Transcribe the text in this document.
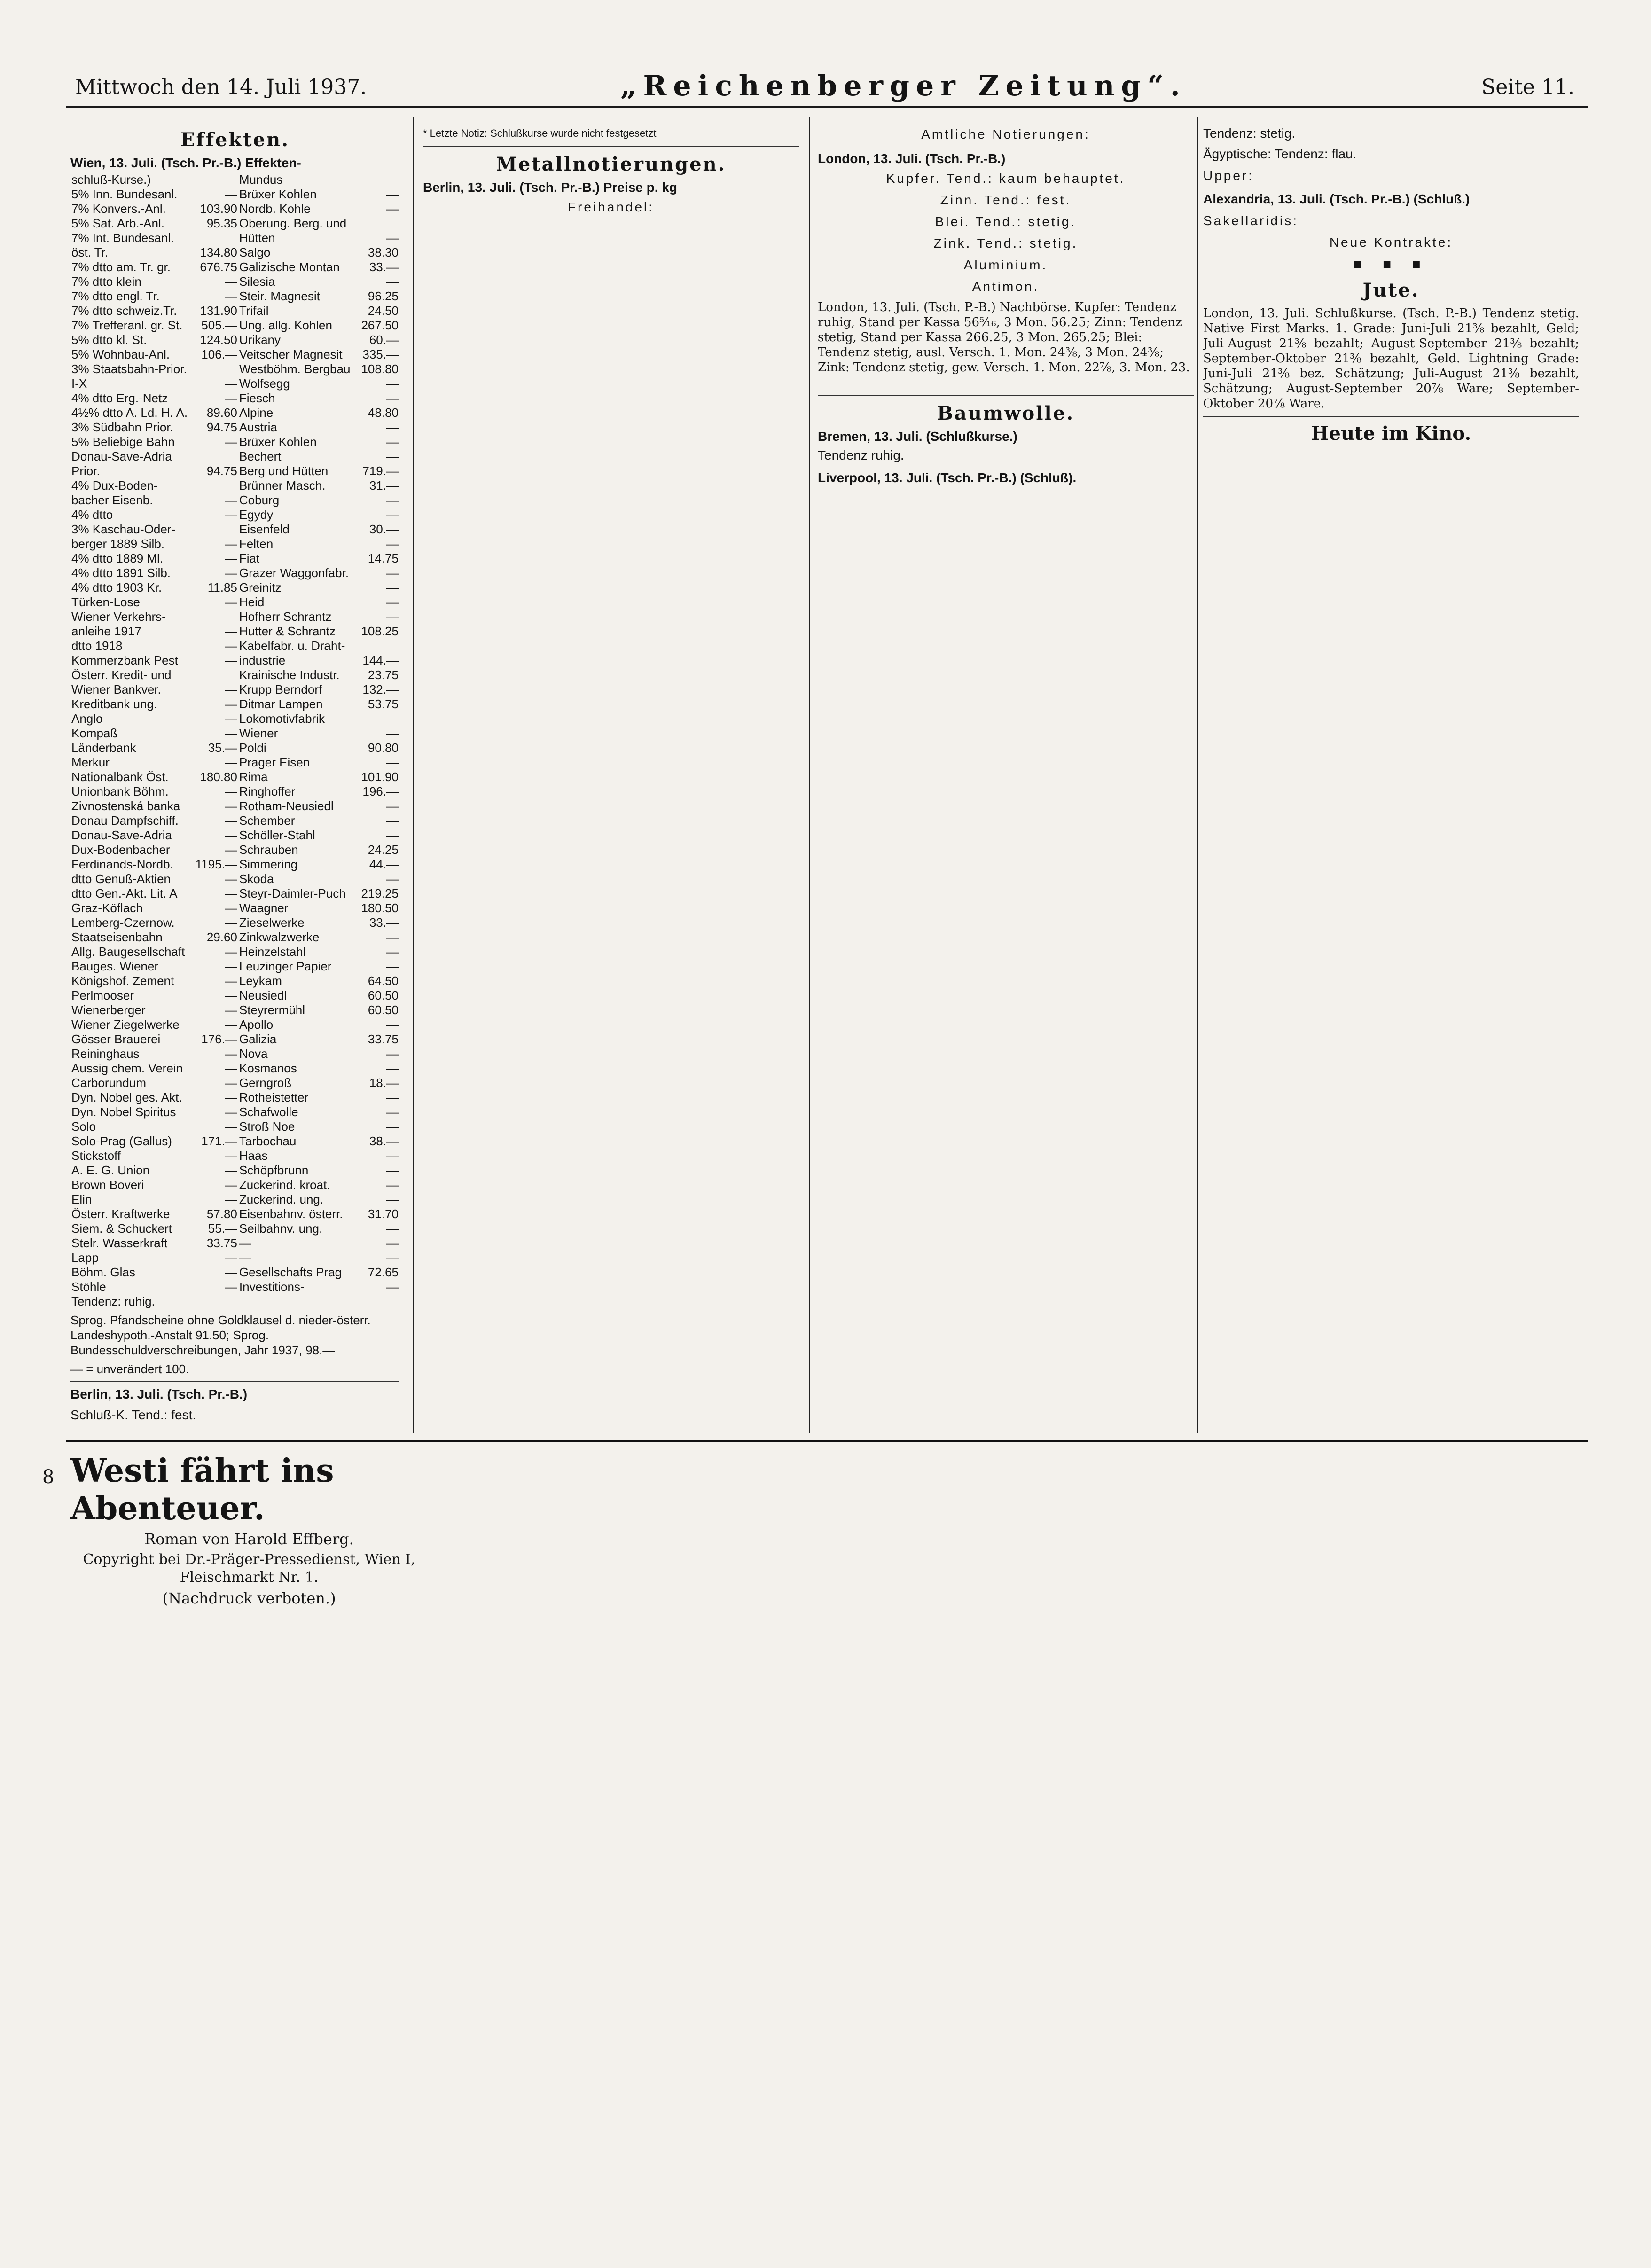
Mittwoch den 14. Juli 1937.	„Reichenberger Zeitung“.	Seite 11.
Effekten.
Wien, 13. Juli. (Tsch. Pr.-B.) Effekten-
schluß-Kurse.)		Mundus	
5% Inn. Bundesanl.	—	Brüxer Kohlen	—
7% Konvers.-Anl.	103.90	Nordb. Kohle	—
5% Sat. Arb.-Anl.	95.35	Oberung. Berg. und	
7% Int. Bundesanl.		Hütten	—
öst. Tr.	134.80	Salgo	38.30
7% dtto am. Tr. gr.	676.75	Galizische Montan	33.—
7% dtto klein	—	Silesia	—
7% dtto engl. Tr.	—	Steir. Magnesit	96.25
7% dtto schweiz.Tr.	131.90	Trifail	24.50
7% Trefferanl. gr. St.	505.—	Ung. allg. Kohlen	267.50
5% dtto kl. St.	124.50	Urikany	60.—
5% Wohnbau-Anl.	106.—	Veitscher Magnesit	335.—
3% Staatsbahn-Prior.		Westböhm. Bergbau	108.80
I-X	—	Wolfsegg	—
4% dtto Erg.-Netz	—	Fiesch	—
4½% dtto A. Ld. H. A.	89.60	Alpine	48.80
3% Südbahn Prior.	94.75	Austria	—
5% Beliebige Bahn	—	Brüxer Kohlen	—
Donau-Save-Adria		Bechert	—
Prior.	94.75	Berg und Hütten	719.—
4% Dux-Boden-		Brünner Masch.	31.—
bacher Eisenb.	—	Coburg	—
4% dtto	—	Egydy	—
3% Kaschau-Oder-		Eisenfeld	30.—
berger 1889 Silb.	—	Felten	—
4% dtto 1889 Ml.	—	Fiat	14.75
4% dtto 1891 Silb.	—	Grazer Waggonfabr.	—
4% dtto 1903 Kr.	11.85	Greinitz	—
Türken-Lose	—	Heid	—
Wiener Verkehrs-		Hofherr Schrantz	—
anleihe 1917	—	Hutter & Schrantz	108.25
dtto 1918	—	Kabelfabr. u. Draht-	
Kommerzbank Pest	—	industrie	144.—
Österr. Kredit- und		Krainische Industr.	23.75
Wiener Bankver.	—	Krupp Berndorf	132.—
Kreditbank ung.	—	Ditmar Lampen	53.75
Anglo	—	Lokomotivfabrik	
Kompaß	—	Wiener	—
Länderbank	35.—	Poldi	90.80
Merkur	—	Prager Eisen	—
Nationalbank Öst.	180.80	Rima	101.90
Unionbank Böhm.	—	Ringhoffer	196.—
Zivnostenská banka	—	Rotham-Neusiedl	—
Donau Dampfschiff.	—	Schember	—
Donau-Save-Adria	—	Schöller-Stahl	—
Dux-Bodenbacher	—	Schrauben	24.25
Ferdinands-Nordb.	1195.—	Simmering	44.—
dtto Genuß-Aktien	—	Skoda	—
dtto Gen.-Akt. Lit. A	—	Steyr-Daimler-Puch	219.25
Graz-Köflach	—	Waagner	180.50
Lemberg-Czernow.	—	Zieselwerke	33.—
Staatseisenbahn	29.60	Zinkwalzwerke	—
Allg. Baugesellschaft	—	Heinzelstahl	—
Bauges. Wiener	—	Leuzinger Papier	—
Königshof. Zement	—	Leykam	64.50
Perlmooser	—	Neusiedl	60.50
Wienerberger	—	Steyrermühl	60.50
Wiener Ziegelwerke	—	Apollo	—
Gösser Brauerei	176.—	Galizia	33.75
Reininghaus	—	Nova	—
Aussig chem. Verein	—	Kosmanos	—
Carborundum	—	Gerngroß	18.—
Dyn. Nobel ges. Akt.	—	Rotheistetter	—
Dyn. Nobel Spiritus	—	Schafwolle	—
Solo	—	Stroß Noe	—
Solo-Prag (Gallus)	171.—	Tarbochau	38.—
Stickstoff	—	Haas	—
A. E. G. Union	—	Schöpfbrunn	—
Brown Boveri	—	Zuckerind. kroat.	—
Elin	—	Zuckerind. ung.	—
Österr. Kraftwerke	57.80	Eisenbahnv. österr.	31.70
Siem. & Schuckert	55.—	Seilbahnv. ung.	—
Stelr. Wasserkraft	33.75	—	—
Lapp	—	—	—
Böhm. Glas	—	Gesellschafts Prag	72.65
Stöhle	—	Investitions-	—
Tendenz: ruhig.			
Sprog. Pfandscheine ohne Goldklausel d. nieder-österr. Landeshypoth.-Anstalt 91.50; Sprog. Bundesschuldverschreibungen, Jahr 1937, 98.—
— = unverändert 100.
Berlin, 13. Juli. (Tsch. Pr.-B.)
Schluß-K. Tend.: fest.
* Letzte Notiz: Schlußkurse wurde nicht festgesetzt
Metallnotierungen.
Berlin, 13. Juli. (Tsch. Pr.-B.) Preise p. kg
Freihandel:
Amtliche Notierungen:
London, 13. Juli. (Tsch. Pr.-B.)
Kupfer. Tend.: kaum behauptet.
Zinn. Tend.: fest.
Blei. Tend.: stetig.
Zink. Tend.: stetig.
Aluminium.
Antimon.
London, 13. Juli. (Tsch. P.-B.) Nachbörse. Kupfer: Tendenz ruhig, Stand per Kassa 56⁵⁄₁₆, 3 Mon. 56.25; Zinn: Tendenz stetig, Stand per Kassa 266.25, 3 Mon. 265.25; Blei: Tendenz stetig, ausl. Versch. 1. Mon. 24⅜, 3 Mon. 24⅜; Zink: Tendenz stetig, gew. Versch. 1. Mon. 22⅞, 3. Mon. 23.—
Baumwolle.
Bremen, 13. Juli. (Schlußkurse.)
Tendenz ruhig.
Liverpool, 13. Juli. (Tsch. Pr.-B.) (Schluß).
Tendenz: stetig.
Ägyptische: Tendenz: flau.
Upper:
Alexandria, 13. Juli. (Tsch. Pr.-B.) (Schluß.)
Sakellaridis:
Neue Kontrakte:
■ ■ ■
Jute.
London, 13. Juli. Schlußkurse. (Tsch. P.-B.) Tendenz stetig. Native First Marks. 1. Grade: Juni-Juli 21⅜ bezahlt, Geld; Juli-August 21⅜ bezahlt; August-September 21⅜ bezahlt; September-Oktober 21⅜ bezahlt, Geld. Lightning Grade: Juni-Juli 21⅜ bez. Schätzung; Juli-August 21⅜ bezahlt, Schätzung; August-September 20⅞ Ware; September-Oktober 20⅞ Ware.
Heute im Kino.
8 Westi fährt ins Abenteuer.
Roman von Harold Effberg.
Copyright bei Dr.-Präger-Pressedienst, Wien I, Fleischmarkt Nr. 1.
(Nachdruck verboten.)
